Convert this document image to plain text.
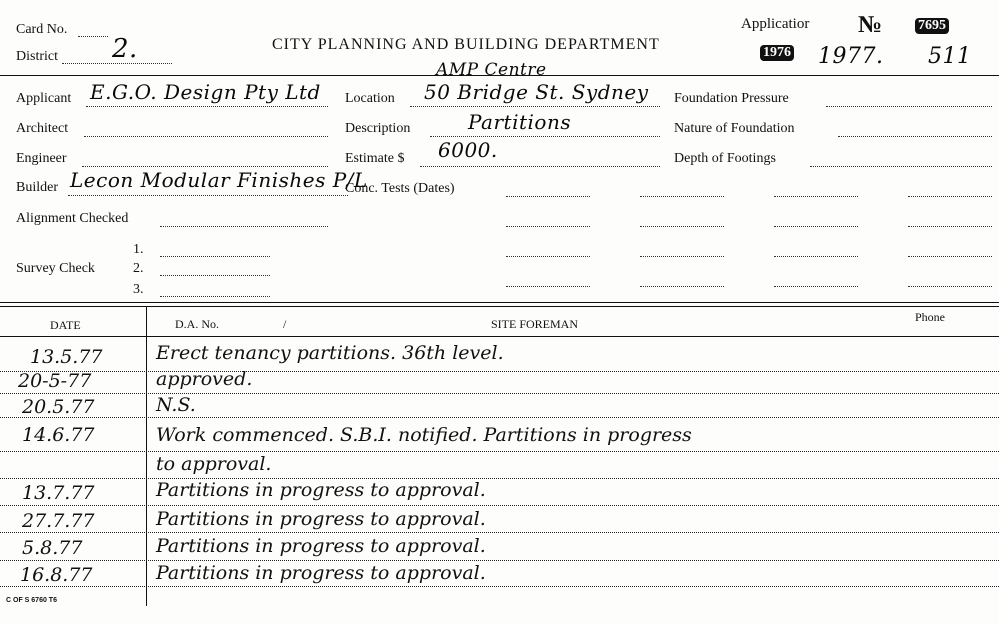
Card No.
District 2.	CITY PLANNING AND BUILDING DEPARTMENT
Applicatior №	7695
1976 1977. 511
Applicant E.G.O. Design Pty Ltd
Architect
Engineer
Builder Lecon Modular Finishes P/L
Alignment Checked
1.
Survey Check	2.
3.
AMP Centre
Location 50 Bridge St. Sydney
Description	Partitions
Estimate $ 6000.
Conc. Tests (Dates)
Foundation Pressure
Nature of Foundation
Depth of Footings
DATE	D.A. No.	/	SITE FOREMAN	Phone
13.5.77	Erect tenancy partitions. 36th level.
20-5-77	approved.
20.5.77	N.S.
14.6.77	Work commenced. S.B.I. notified. Partitions in progress
to approval.
13.7.77	Partitions in progress to approval.
27.7.77	Partitions in progress to approval.
5.8.77	Partitions in progress to approval.
16.8.77	Partitions in progress to approval.
C OF S 6760 T6
